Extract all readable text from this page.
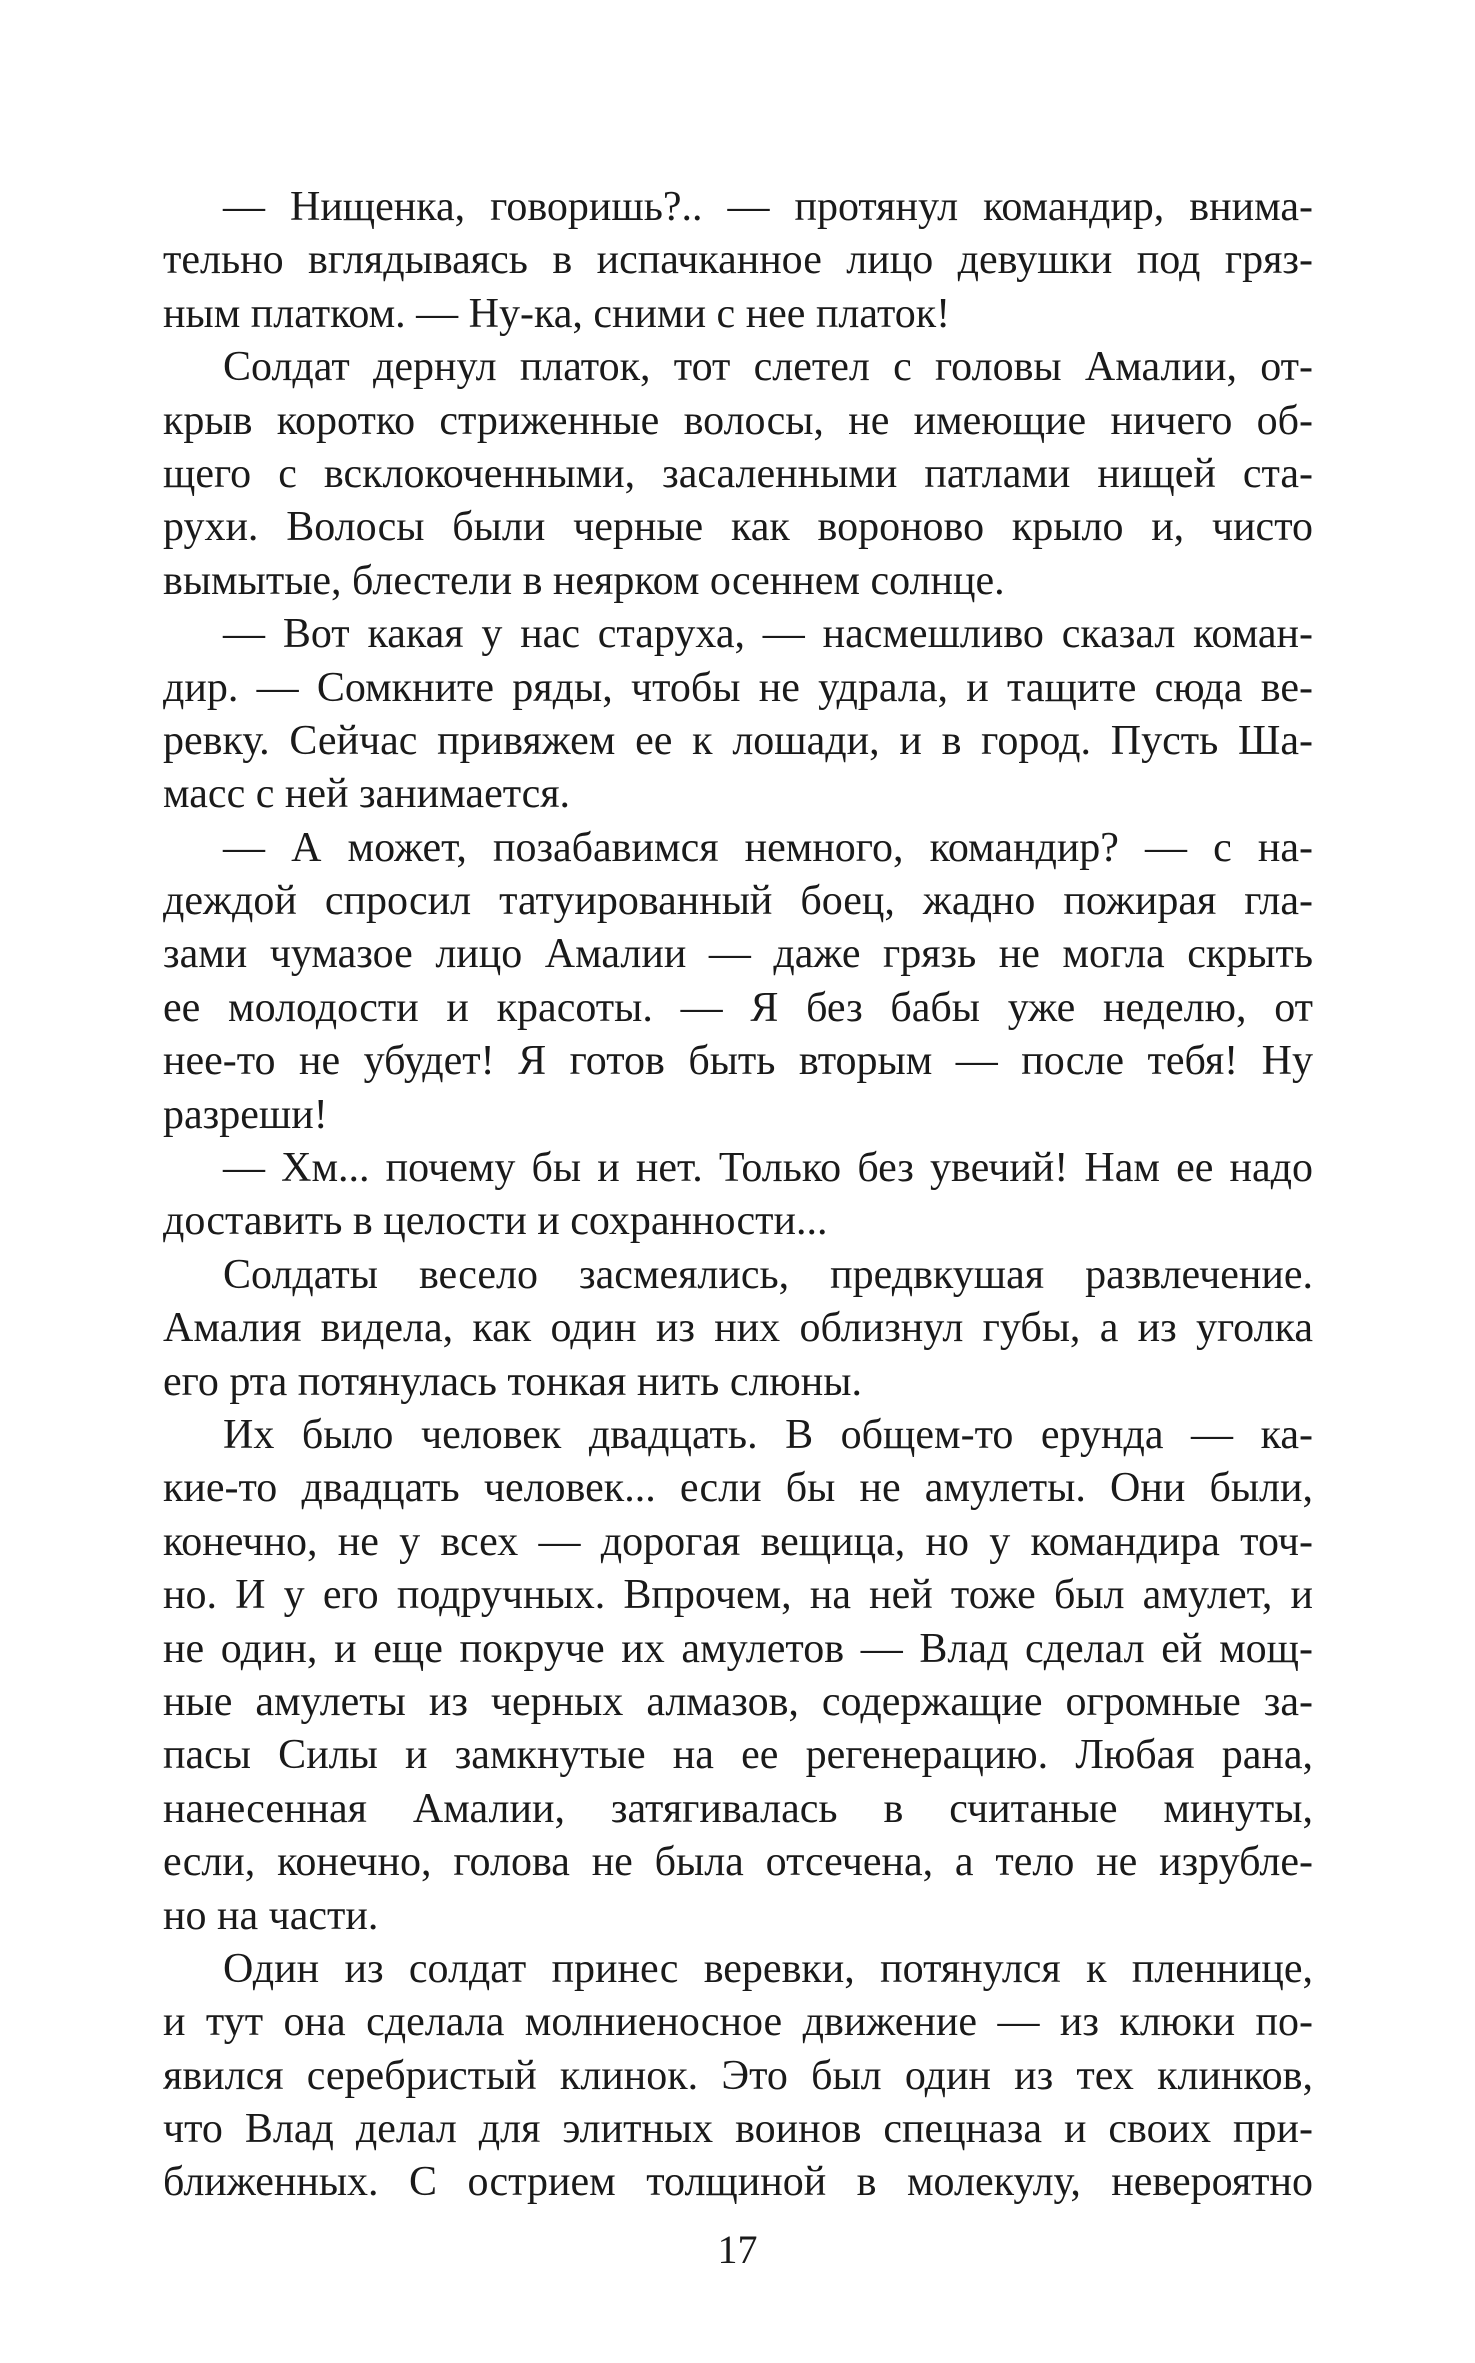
— Нищенка, говоришь?.. — протянул командир, внима-
тельно вглядываясь в испачканное лицо девушки под гряз-
ным платком. — Ну-ка, сними с нее платок!
Солдат дернул платок, тот слетел с головы Амалии, от-
крыв коротко стриженные волосы, не имеющие ничего об-
щего с всклокоченными, засаленными патлами нищей ста-
рухи. Волосы были черные как вороново крыло и, чисто
вымытые, блестели в неярком осеннем солнце.
— Вот какая у нас старуха, — насмешливо сказал коман-
дир. — Сомкните ряды, чтобы не удрала, и тащите сюда ве-
ревку. Сейчас привяжем ее к лошади, и в город. Пусть Ша-
масс с ней занимается.
— А может, позабавимся немного, командир? — с на-
деждой спросил татуированный боец, жадно пожирая гла-
зами чумазое лицо Амалии — даже грязь не могла скрыть
ее молодости и красоты. — Я без бабы уже неделю, от
нее-то не убудет! Я готов быть вторым — после тебя! Ну
разреши!
— Хм... почему бы и нет. Только без увечий! Нам ее надо
доставить в целости и сохранности...
Солдаты весело засмеялись, предвкушая развлечение.
Амалия видела, как один из них облизнул губы, а из уголка
его рта потянулась тонкая нить слюны.
Их было человек двадцать. В общем-то ерунда — ка-
кие-то двадцать человек... если бы не амулеты. Они были,
конечно, не у всех — дорогая вещица, но у командира точ-
но. И у его подручных. Впрочем, на ней тоже был амулет, и
не один, и еще покруче их амулетов — Влад сделал ей мощ-
ные амулеты из черных алмазов, содержащие огромные за-
пасы Силы и замкнутые на ее регенерацию. Любая рана,
нанесенная Амалии, затягивалась в считаные минуты,
если, конечно, голова не была отсечена, а тело не изрубле-
но на части.
Один из солдат принес веревки, потянулся к пленнице,
и тут она сделала молниеносное движение — из клюки по-
явился серебристый клинок. Это был один из тех клинков,
что Влад делал для элитных воинов спецназа и своих при-
ближенных. С острием толщиной в молекулу, невероятно
17
